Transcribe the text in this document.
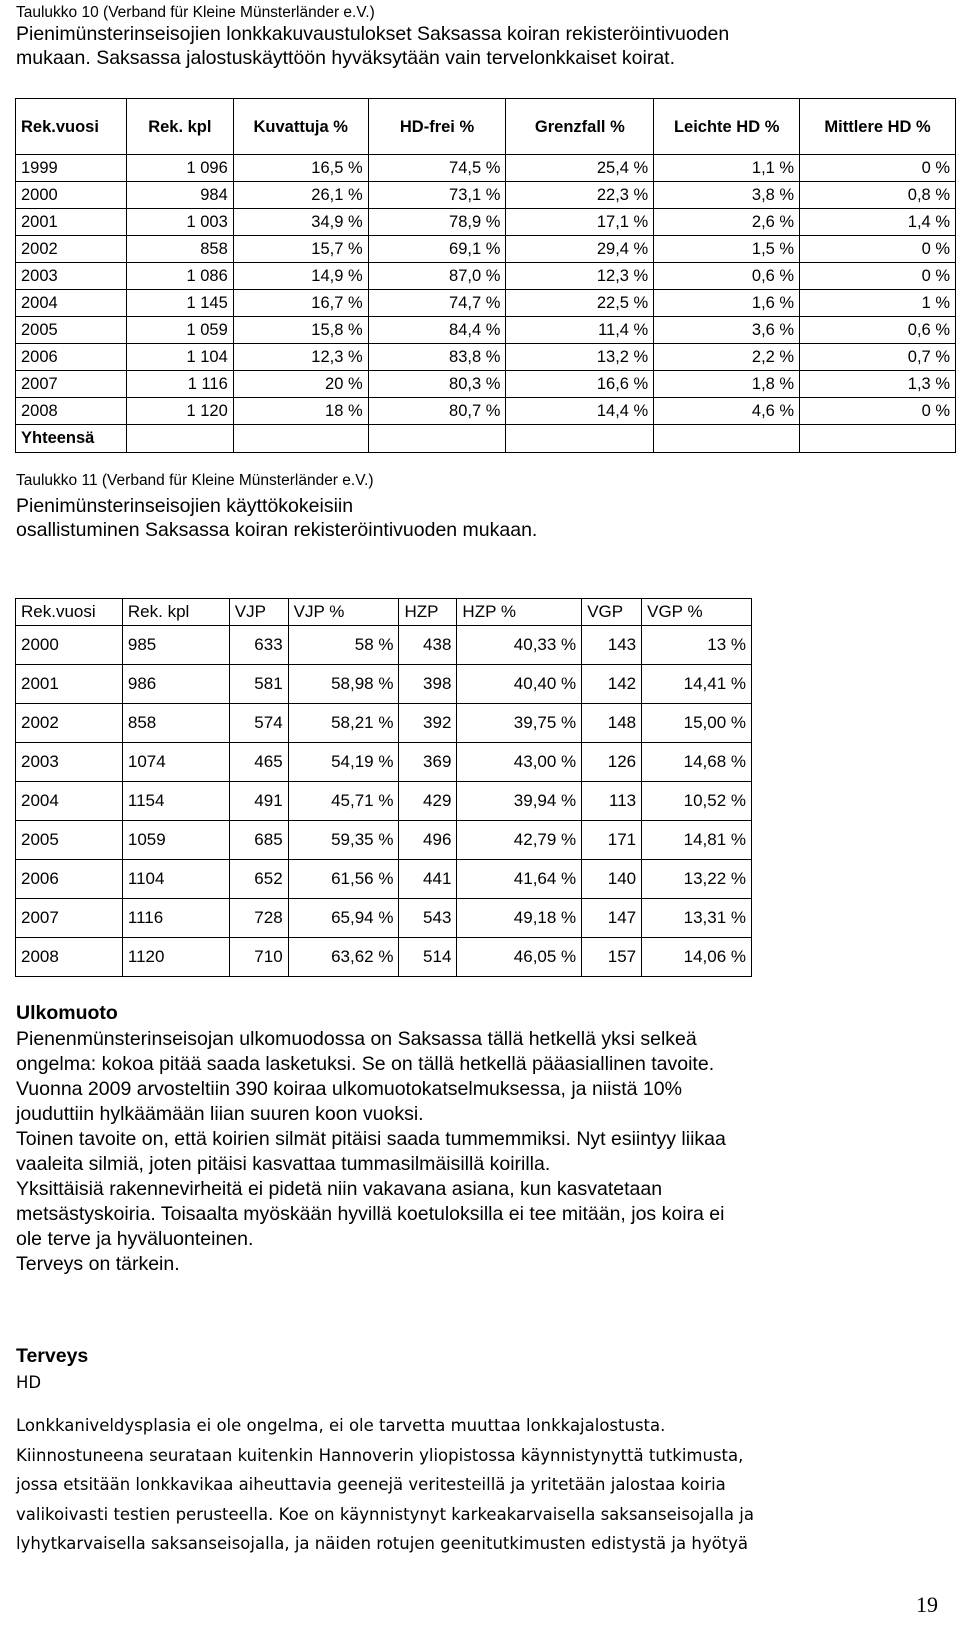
Taulukko 10 (Verband für Kleine Münsterländer e.V.)
Pienimünsterinseisojien lonkkakuvaustulokset Saksassa koiran rekisteröintivuoden
mukaan. Saksassa jalostuskäyttöön hyväksytään vain tervelonkkaiset koirat.
Rek.vuosi	Rek. kpl	Kuvattuja %	HD-frei %	Grenzfall %	Leichte HD %	Mittlere HD %
1999	1 096	16,5 %	74,5 %	25,4 %	1,1 %	0 %
2000	984	26,1 %	73,1 %	22,3 %	3,8 %	0,8 %
2001	1 003	34,9 %	78,9 %	17,1 %	2,6 %	1,4 %
2002	858	15,7 %	69,1 %	29,4 %	1,5 %	0 %
2003	1 086	14,9 %	87,0 %	12,3 %	0,6 %	0 %
2004	1 145	16,7 %	74,7 %	22,5 %	1,6 %	1 %
2005	1 059	15,8 %	84,4 %	11,4 %	3,6 %	0,6 %
2006	1 104	12,3 %	83,8 %	13,2 %	2,2 %	0,7 %
2007	1 116	20 %	80,3 %	16,6 %	1,8 %	1,3 %
2008	1 120	18 %	80,7 %	14,4 %	4,6 %	0 %
Yhteensä						
Taulukko 11 (Verband für Kleine Münsterländer e.V.)
Pienimünsterinseisojien käyttökokeisiin
osallistuminen Saksassa koiran rekisteröintivuoden mukaan.
Rek.vuosi	Rek. kpl	VJP	VJP %	HZP	HZP %	VGP	VGP %
2000	985	633	58 %	438	40,33 %	143	13 %
2001	986	581	58,98 %	398	40,40 %	142	14,41 %
2002	858	574	58,21 %	392	39,75 %	148	15,00 %
2003	1074	465	54,19 %	369	43,00 %	126	14,68 %
2004	1154	491	45,71 %	429	39,94 %	113	10,52 %
2005	1059	685	59,35 %	496	42,79 %	171	14,81 %
2006	1104	652	61,56 %	441	41,64 %	140	13,22 %
2007	1116	728	65,94 %	543	49,18 %	147	13,31 %
2008	1120	710	63,62 %	514	46,05 %	157	14,06 %
Ulkomuoto
Pienenmünsterinseisojan ulkomuodossa on Saksassa tällä hetkellä yksi selkeä
ongelma: kokoa pitää saada lasketuksi. Se on tällä hetkellä pääasiallinen tavoite.
Vuonna 2009 arvosteltiin 390 koiraa ulkomuotokatselmuksessa, ja niistä 10%
jouduttiin hylkäämään liian suuren koon vuoksi.
Toinen tavoite on, että koirien silmät pitäisi saada tummemmiksi. Nyt esiintyy liikaa
vaaleita silmiä, joten pitäisi kasvattaa tummasilmäisillä koirilla.
Yksittäisiä rakennevirheitä ei pidetä niin vakavana asiana, kun kasvatetaan
metsästyskoiria. Toisaalta myöskään hyvillä koetuloksilla ei tee mitään, jos koira ei
ole terve ja hyväluonteinen.
Terveys on tärkein.
Terveys
HD
Lonkkaniveldysplasia ei ole ongelma, ei ole tarvetta muuttaa lonkkajalostusta.
Kiinnostuneena seurataan kuitenkin Hannoverin yliopistossa käynnistynyttä tutkimusta,
jossa etsitään lonkkavikaa aiheuttavia geenejä veritesteillä ja yritetään jalostaa koiria
valikoivasti testien perusteella. Koe on käynnistynyt karkeakarvaisella saksanseisojalla ja
lyhytkarvaisella saksanseisojalla, ja näiden rotujen geenitutkimusten edistystä ja hyötyä
19
